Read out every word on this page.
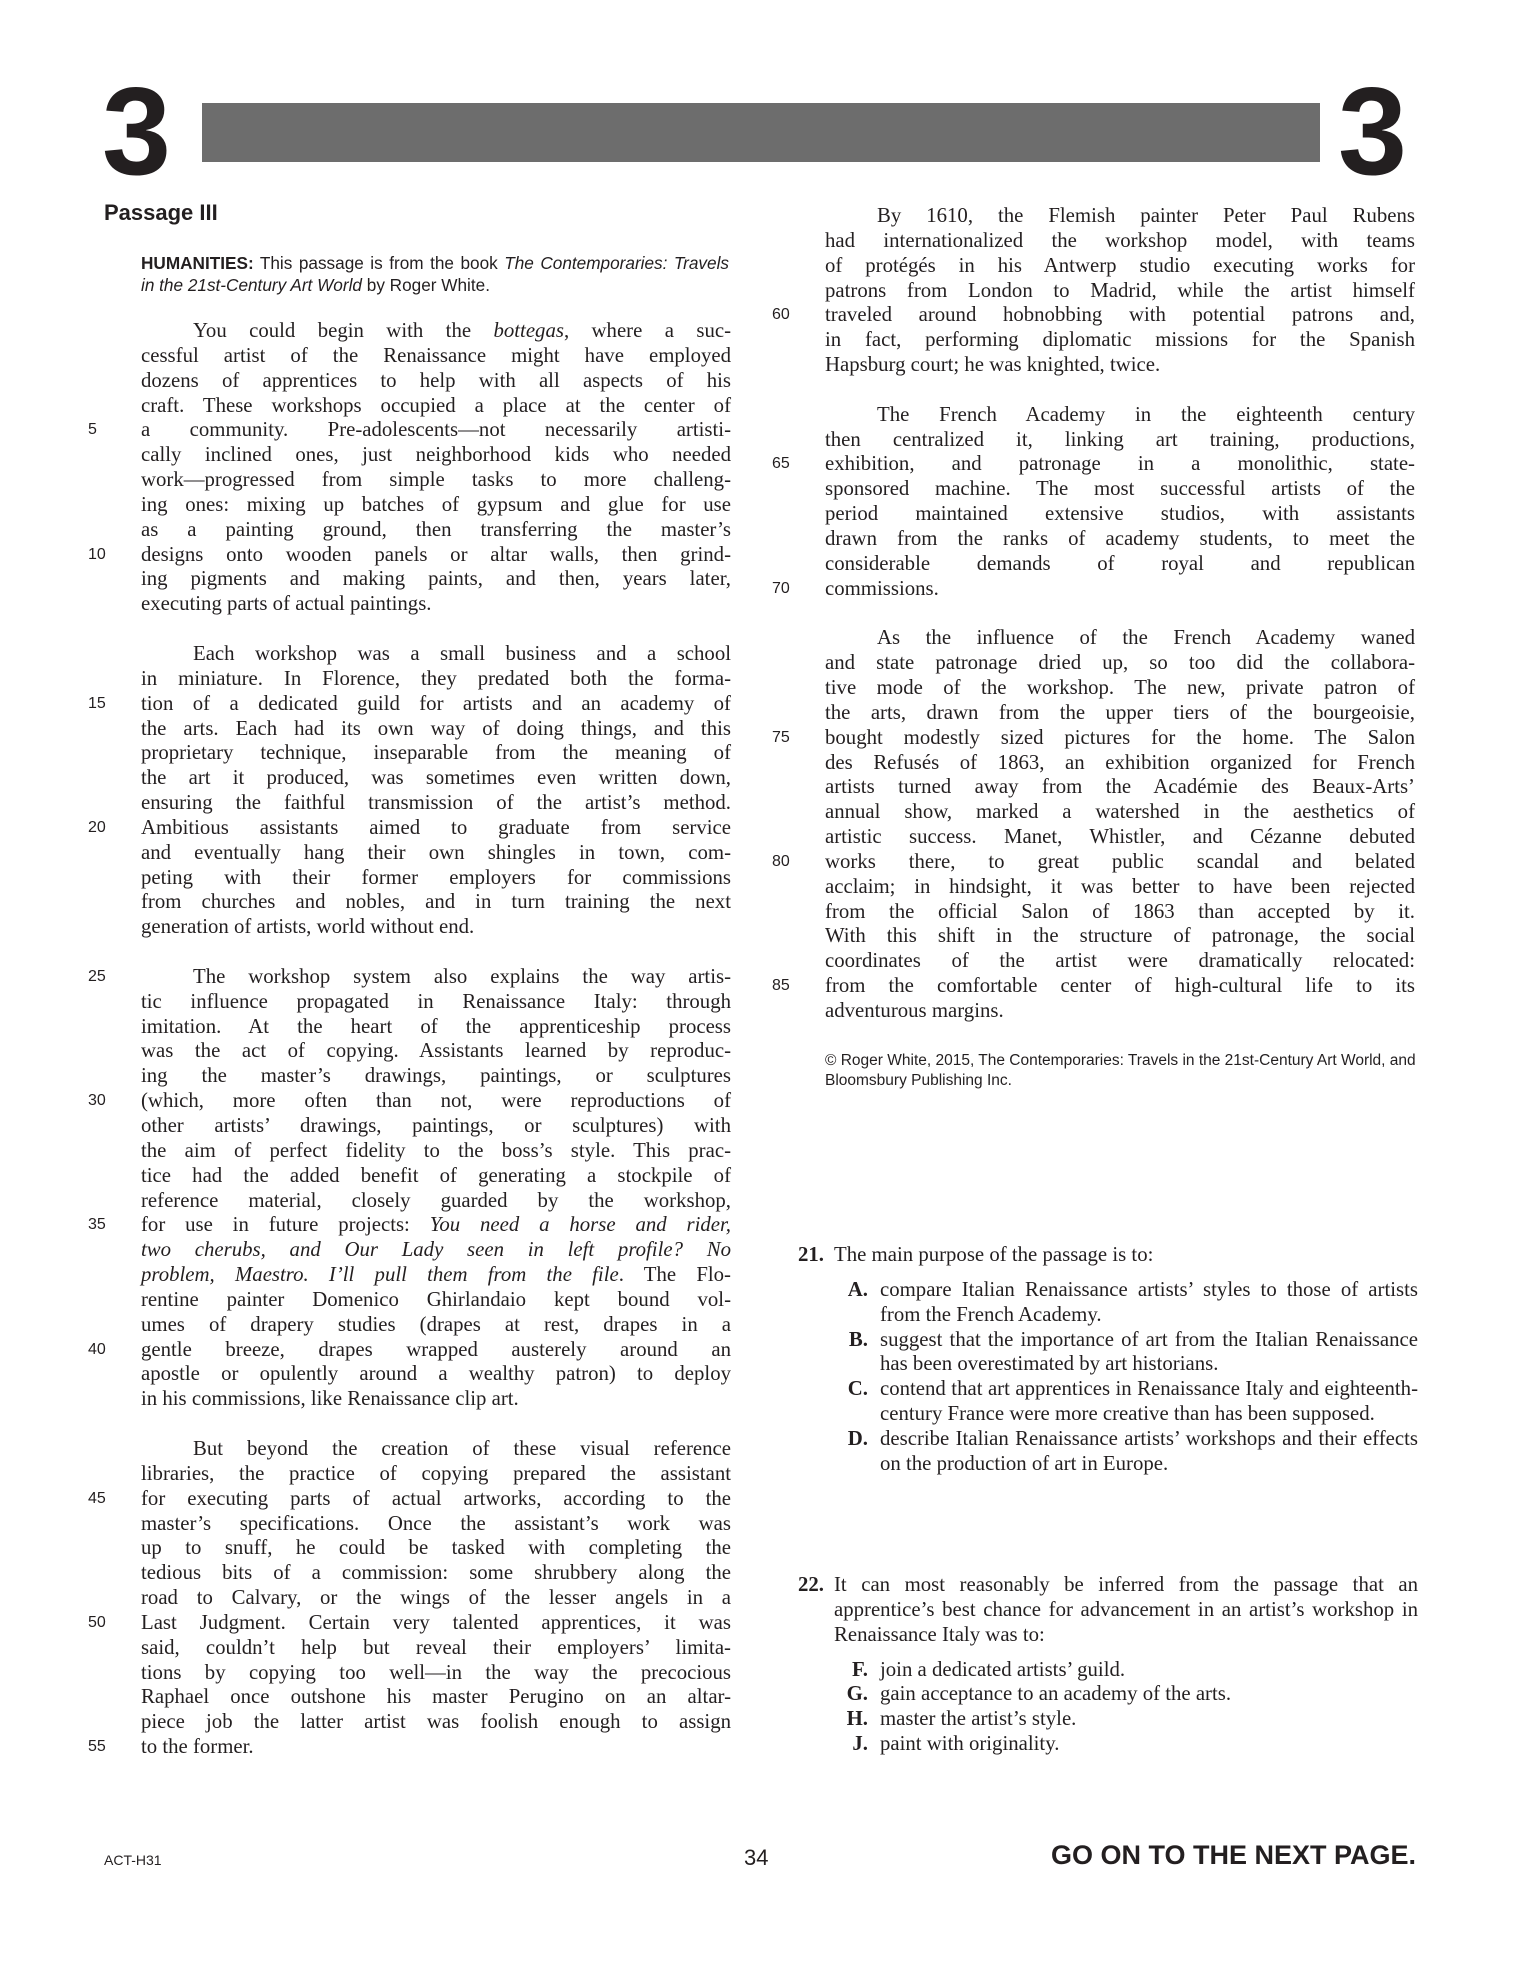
3	3
Passage III
HUMANITIES: This passage is from the book The Contemporaries: Travels in the 21st-Century Art World by Roger White.
You could begin with the bottegas, where a suc-
cessful artist of the Renaissance might have employed
dozens of apprentices to help with all aspects of his
craft. These workshops occupied a place at the center of
5	a community. Pre-adolescents—not necessarily artisti-
cally inclined ones, just neighborhood kids who needed
work—progressed from simple tasks to more challeng-
ing ones: mixing up batches of gypsum and glue for use
as a painting ground, then transferring the master’s
10	designs onto wooden panels or altar walls, then grind-
ing pigments and making paints, and then, years later,
executing parts of actual paintings.
Each workshop was a small business and a school
in miniature. In Florence, they predated both the forma-
15	tion of a dedicated guild for artists and an academy of
the arts. Each had its own way of doing things, and this
proprietary technique, inseparable from the meaning of
the art it produced, was sometimes even written down,
ensuring the faithful transmission of the artist’s method.
20	Ambitious assistants aimed to graduate from service
and eventually hang their own shingles in town, com-
peting with their former employers for commissions
from churches and nobles, and in turn training the next
generation of artists, world without end.
25	The workshop system also explains the way artis-
tic influence propagated in Renaissance Italy: through
imitation. At the heart of the apprenticeship process
was the act of copying. Assistants learned by reproduc-
ing the master’s drawings, paintings, or sculptures
30	(which, more often than not, were reproductions of
other artists’ drawings, paintings, or sculptures) with
the aim of perfect fidelity to the boss’s style. This prac-
tice had the added benefit of generating a stockpile of
reference material, closely guarded by the workshop,
35	for use in future projects: You need a horse and rider,
two cherubs, and Our Lady seen in left profile? No
problem, Maestro. I’ll pull them from the file. The Flo-
rentine painter Domenico Ghirlandaio kept bound vol-
umes of drapery studies (drapes at rest, drapes in a
40	gentle breeze, drapes wrapped austerely around an
apostle or opulently around a wealthy patron) to deploy
in his commissions, like Renaissance clip art.
But beyond the creation of these visual reference
libraries, the practice of copying prepared the assistant
45	for executing parts of actual artworks, according to the
master’s specifications. Once the assistant’s work was
up to snuff, he could be tasked with completing the
tedious bits of a commission: some shrubbery along the
road to Calvary, or the wings of the lesser angels in a
50	Last Judgment. Certain very talented apprentices, it was
said, couldn’t help but reveal their employers’ limita-
tions by copying too well—in the way the precocious
Raphael once outshone his master Perugino on an altar-
piece job the latter artist was foolish enough to assign
55	to the former.
By 1610, the Flemish painter Peter Paul Rubens
had internationalized the workshop model, with teams
of protégés in his Antwerp studio executing works for
patrons from London to Madrid, while the artist himself
60	traveled around hobnobbing with potential patrons and,
in fact, performing diplomatic missions for the Spanish
Hapsburg court; he was knighted, twice.
The French Academy in the eighteenth century
then centralized it, linking art training, productions,
65	exhibition, and patronage in a monolithic, state-
sponsored machine. The most successful artists of the
period maintained extensive studios, with assistants
drawn from the ranks of academy students, to meet the
considerable demands of royal and republican
70	commissions.
As the influence of the French Academy waned
and state patronage dried up, so too did the collabora-
tive mode of the workshop. The new, private patron of
the arts, drawn from the upper tiers of the bourgeoisie,
75	bought modestly sized pictures for the home. The Salon
des Refusés of 1863, an exhibition organized for French
artists turned away from the Académie des Beaux-Arts’
annual show, marked a watershed in the aesthetics of
artistic success. Manet, Whistler, and Cézanne debuted
80	works there, to great public scandal and belated
acclaim; in hindsight, it was better to have been rejected
from the official Salon of 1863 than accepted by it.
With this shift in the structure of patronage, the social
coordinates of the artist were dramatically relocated:
85	from the comfortable center of high-cultural life to its
adventurous margins.
© Roger White, 2015, The Contemporaries: Travels in the 21st-Century Art World, and Bloomsbury Publishing Inc.
21. The main purpose of the passage is to:
A. compare Italian Renaissance artists’ styles to those of artists from the French Academy.
B. suggest that the importance of art from the Italian Renaissance has been overestimated by art historians.
C. contend that art apprentices in Renaissance Italy and eighteenth-century France were more creative than has been supposed.
D. describe Italian Renaissance artists’ workshops and their effects on the production of art in Europe.
22. It can most reasonably be inferred from the passage that an apprentice’s best chance for advancement in an artist’s workshop in Renaissance Italy was to:
F. join a dedicated artists’ guild.
G. gain acceptance to an academy of the arts.
H. master the artist’s style.
J. paint with originality.
ACT-H31	34	GO ON TO THE NEXT PAGE.
